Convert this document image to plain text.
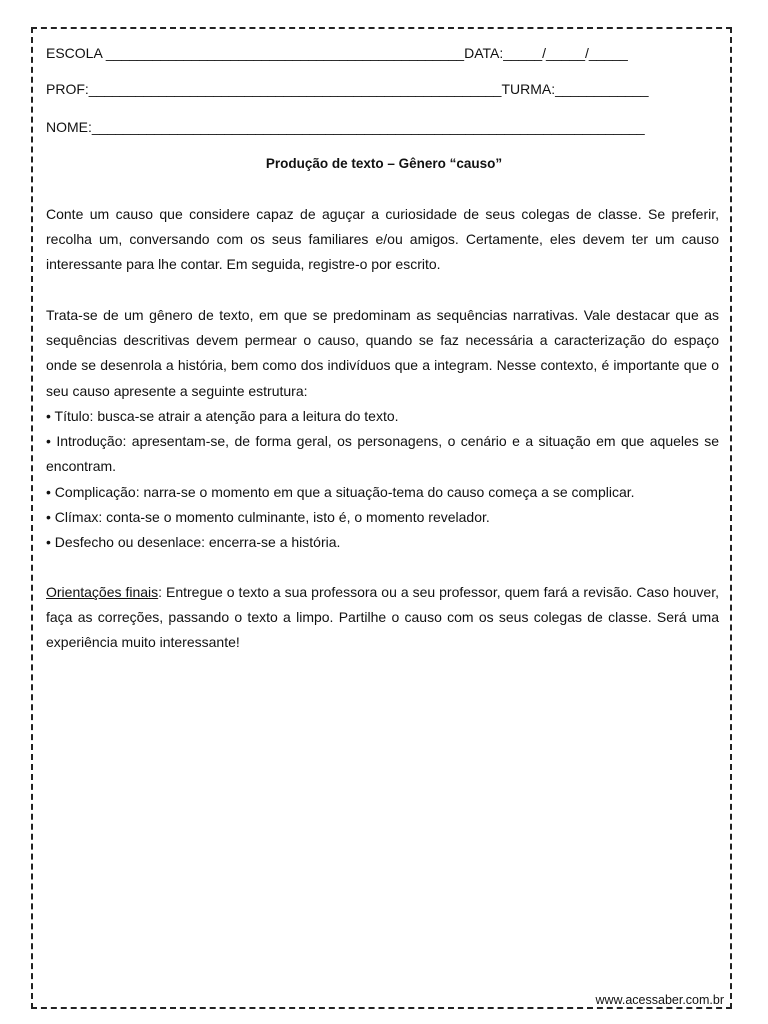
ESCOLA ______________________________________________DATA:_____/_____/_____
PROF:_____________________________________________________TURMA:____________
NOME:_______________________________________________________________________
Produção de texto – Gênero “causo”

Conte um causo que considere capaz de aguçar a curiosidade de seus colegas de classe. Se preferir, recolha um, conversando com os seus familiares e/ou amigos. Certamente, eles devem ter um causo interessante para lhe contar. Em seguida, registre-o por escrito.

Trata-se de um gênero de texto, em que se predominam as sequências narrativas. Vale destacar que as sequências descritivas devem permear o causo, quando se faz necessária a caracterização do espaço onde se desenrola a história, bem como dos indivíduos que a integram. Nesse contexto, é importante que o seu causo apresente a seguinte estrutura:

• Título: busca-se atrair a atenção para a leitura do texto.

• Introdução: apresentam-se, de forma geral, os personagens, o cenário e a situação em que aqueles se encontram.

• Complicação: narra-se o momento em que a situação-tema do causo começa a se complicar.

• Clímax: conta-se o momento culminante, isto é, o momento revelador.

• Desfecho ou desenlace: encerra-se a história.

Orientações finais: Entregue o texto a sua professora ou a seu professor, quem fará a revisão. Caso houver, faça as correções, passando o texto a limpo. Partilhe o causo com os seus colegas de classe. Será uma experiência muito interessante!

www.acessaber.com.br
